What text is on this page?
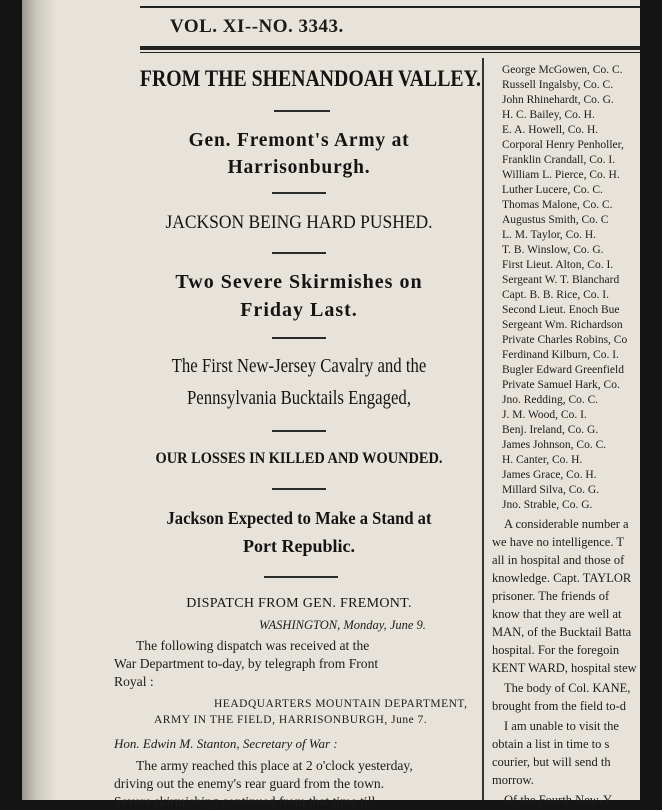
VOL. XI--NO. 3343.
FROM THE SHENANDOAH VALLEY.
Gen. Fremont's Army at
Harrisonburgh.
JACKSON BEING HARD PUSHED.
Two Severe Skirmishes on
Friday Last.
The First New-Jersey Cavalry and the
Pennsylvania Bucktails Engaged,
OUR LOSSES IN KILLED AND WOUNDED.
Jackson Expected to Make a Stand at
Port Republic.
DISPATCH FROM GEN. FREMONT.
WASHINGTON, Monday, June 9.
The following dispatch was received at the
War Department to-day, by telegraph from Front
Royal :
HEADQUARTERS MOUNTAIN DEPARTMENT,
ARMY IN THE FIELD, HARRISONBURGH, June 7.
Hon. Edwin M. Stanton, Secretary of War :
The army reached this place at 2 o'clock yesterday,
driving out the enemy's rear guard from the town.
Severe skirmishing continued from that time till
George McGowen, Co. C.
Russell Ingalsby, Co. C.
John Rhinehardt, Co. G.
H. C. Bailey, Co. H.
E. A. Howell, Co. H.
Corporal Henry Penholler,
Franklin Crandall, Co. I.
William L. Pierce, Co. H.
Luther Lucere, Co. C.
Thomas Malone, Co. C.
Augustus Smith, Co. C
L. M. Taylor, Co. H.
T. B. Winslow, Co. G.
First Lieut. Alton, Co. I.
Sergeant W. T. Blanchard
Capt. B. B. Rice, Co. I.
Second Lieut. Enoch Bue
Sergeant Wm. Richardson
Private Charles Robins, Co
Ferdinand Kilburn, Co. I.
Bugler Edward Greenfield
Private Samuel Hark, Co.
Jno. Redding, Co. C.
J. M. Wood, Co. I.
Benj. Ireland, Co. G.
James Johnson, Co. C.
H. Canter, Co. H.
James Grace, Co. H.
Millard Silva, Co. G.
Jno. Strable, Co. G.
A considerable number a
we have no intelligence. T
all in hospital and those of
knowledge. Capt. TAYLOR
prisoner. The friends of
know that they are well at
MAN, of the Bucktail Batta
hospital. For the foregoin
KENT WARD, hospital stew
The body of Col. KANE,
brought from the field to-d
I am unable to visit the
obtain a list in time to s
courier, but will send th
morrow.
Of the Fourth New-Y
